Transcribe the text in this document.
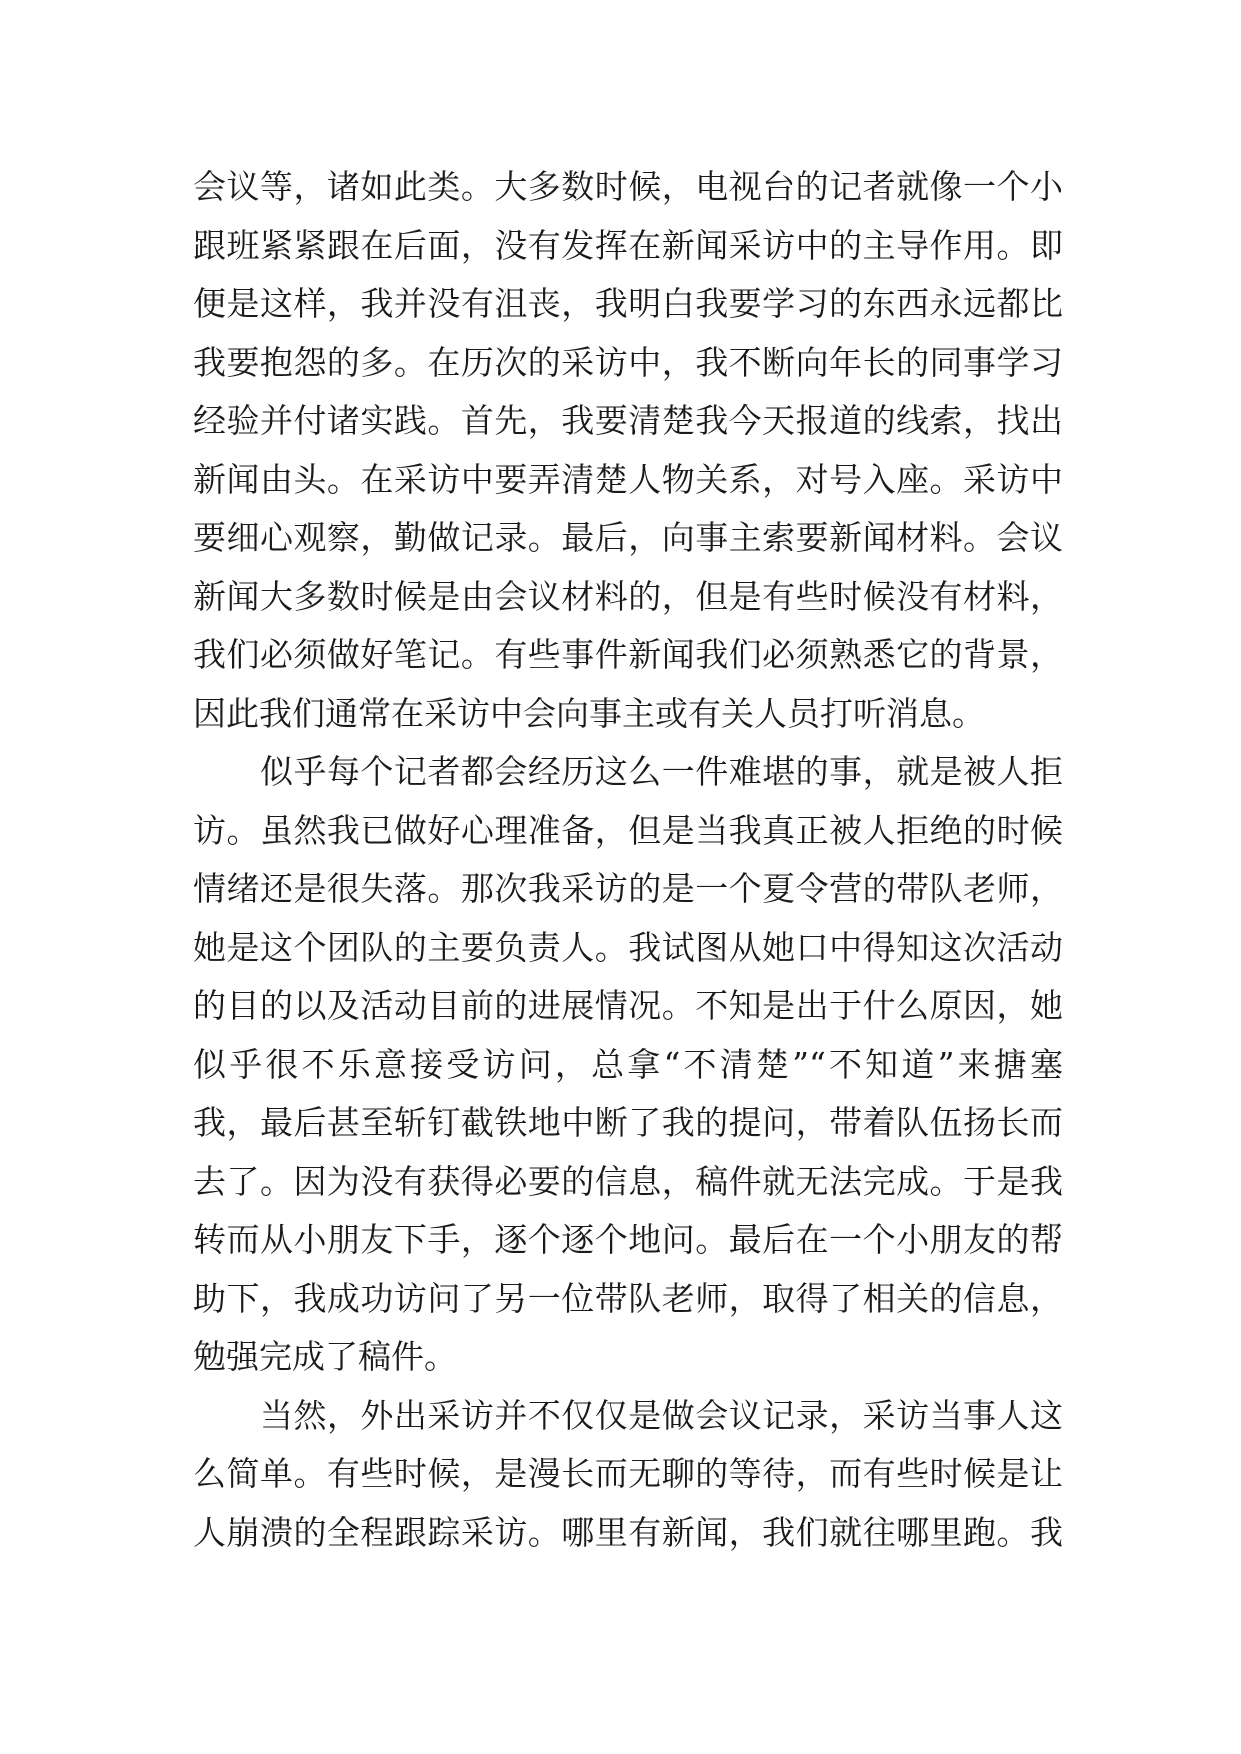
会议等，诸如此类。大多数时候，电视台的记者就像一个小
跟班紧紧跟在后面，没有发挥在新闻采访中的主导作用。即
便是这样，我并没有沮丧，我明白我要学习的东西永远都比
我要抱怨的多。在历次的采访中，我不断向年长的同事学习
经验并付诸实践。首先，我要清楚我今天报道的线索，找出
新闻由头。在采访中要弄清楚人物关系，对号入座。采访中
要细心观察，勤做记录。最后，向事主索要新闻材料。会议
新闻大多数时候是由会议材料的，但是有些时候没有材料，
我们必须做好笔记。有些事件新闻我们必须熟悉它的背景，
因此我们通常在采访中会向事主或有关人员打听消息。
似乎每个记者都会经历这么一件难堪的事，就是被人拒
访。虽然我已做好心理准备，但是当我真正被人拒绝的时候
情绪还是很失落。那次我采访的是一个夏令营的带队老师，
她是这个团队的主要负责人。我试图从她口中得知这次活动
的目的以及活动目前的进展情况。不知是出于什么原因，她
似乎很不乐意接受访问，总拿“不清楚”“不知道”来搪塞
我，最后甚至斩钉截铁地中断了我的提问，带着队伍扬长而
去了。因为没有获得必要的信息，稿件就无法完成。于是我
转而从小朋友下手，逐个逐个地问。最后在一个小朋友的帮
助下，我成功访问了另一位带队老师，取得了相关的信息，
勉强完成了稿件。
当然，外出采访并不仅仅是做会议记录，采访当事人这
么简单。有些时候，是漫长而无聊的等待，而有些时候是让
人崩溃的全程跟踪采访。哪里有新闻，我们就往哪里跑。我
